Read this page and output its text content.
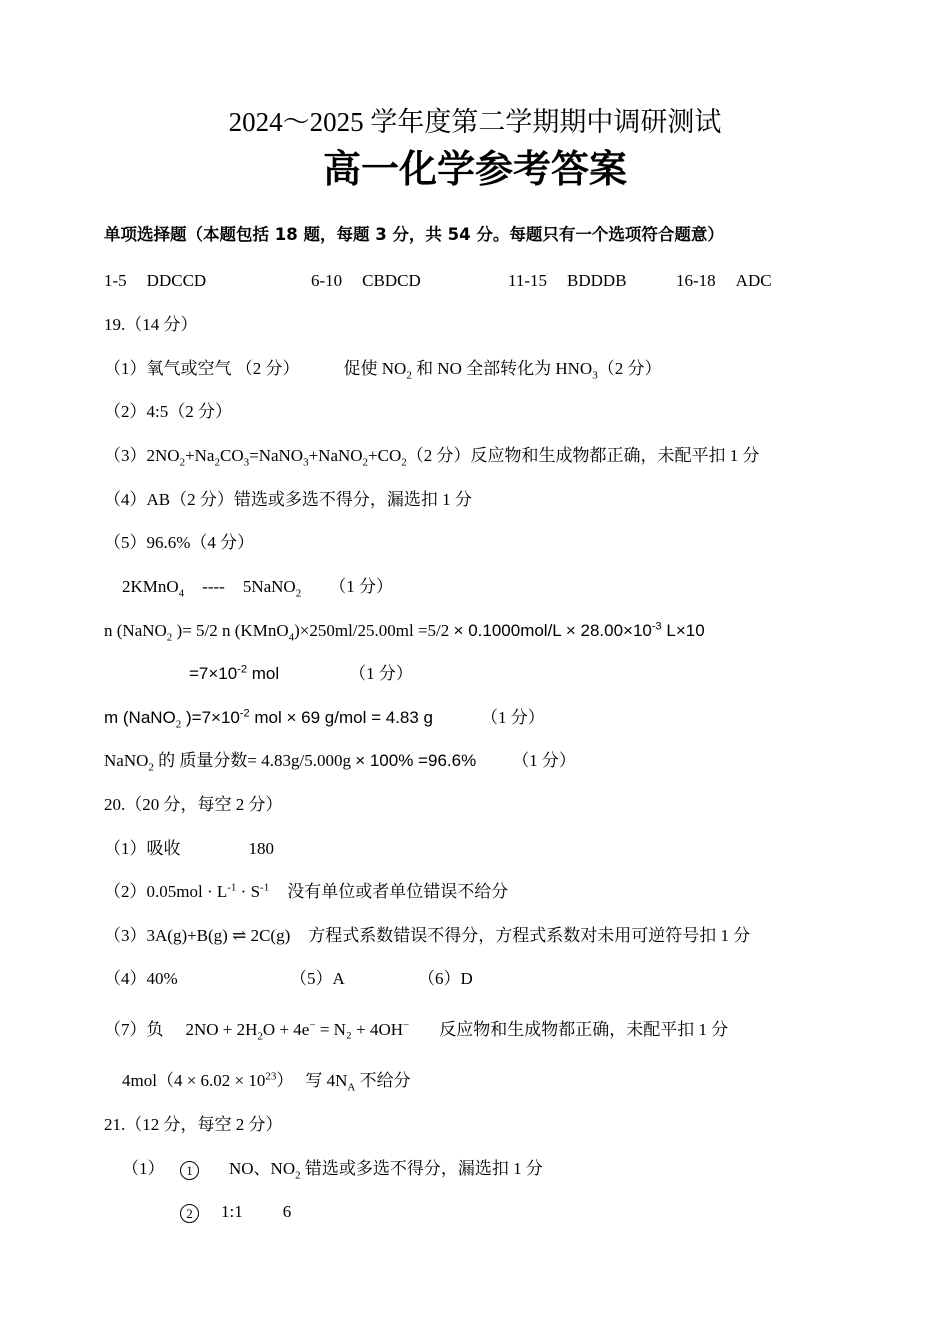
2024～2025 学年度第二学期期中调研测试
高一化学参考答案
单项选择题（本题包括 18 题，每题 3 分，共 54 分。每题只有一个选项符合题意）
1-5 DDCCD	6-10 CBDCD	11-15 BDDDB	16-18 ADC
19.（14 分）
（1）氧气或空气 （2 分）	促使 $NO_2$ 和 NO 全部转化为 $HNO_3(2$ 分）
（2）4:5（2 分）
$(3)2NO_2+Na_2CO_3=NaNO_3+NaNO_2+CO_2(2$ 分）反应物和生成物都正确，未配平扣 1 分
（4）AB（2 分）错选或多选不得分，漏选扣 1 分
（5）96.6%（4 分）
2KMnO$_4$ ---- 5NaNO$_2$ （1 分）
n (NaNO$_2$ )= 5/2 n (KMnO$_4$)×250ml/25.00ml $=5/2 \times 0.1000mol/L \times 28.00\times 10^{-3}$ L×10
$=7\times 10^{-2}$ mol	（1 分）
m (NaNO$_2$ )$=7\times 10^{-2}$ mol × 69 g/mol = 4.83 g	（1 分）
NaNO$_2$ 的 质量分数= 4.83g/5.000g × 100% =96.6% （1 分）
20.（20 分，每空 2 分）
（1）吸收	180
$(2)0.05mol \cdot L^{-1} \cdot S^{-1}$ 没有单位或者单位错误不给分
（3）3A(g)+B(g) ⇌ 2C(g) 方程式系数错误不得分，方程式系数对未用可逆符号扣 1 分
（4）40%	（5）A	（6）D
（7）负 $2NO + 2H_2O + 4e^- = N_2 + 4OH^-$ 反应物和生成物都正确，未配平扣 1 分
$4mol(4 \times 6.02 \times 10^{23})$ 写 $4N_A$ 不给分
21.（12 分，每空 2 分）
（1）	1 NO、$NO_2$ 错选或多选不得分，漏选扣 1 分
2 1:1 6
